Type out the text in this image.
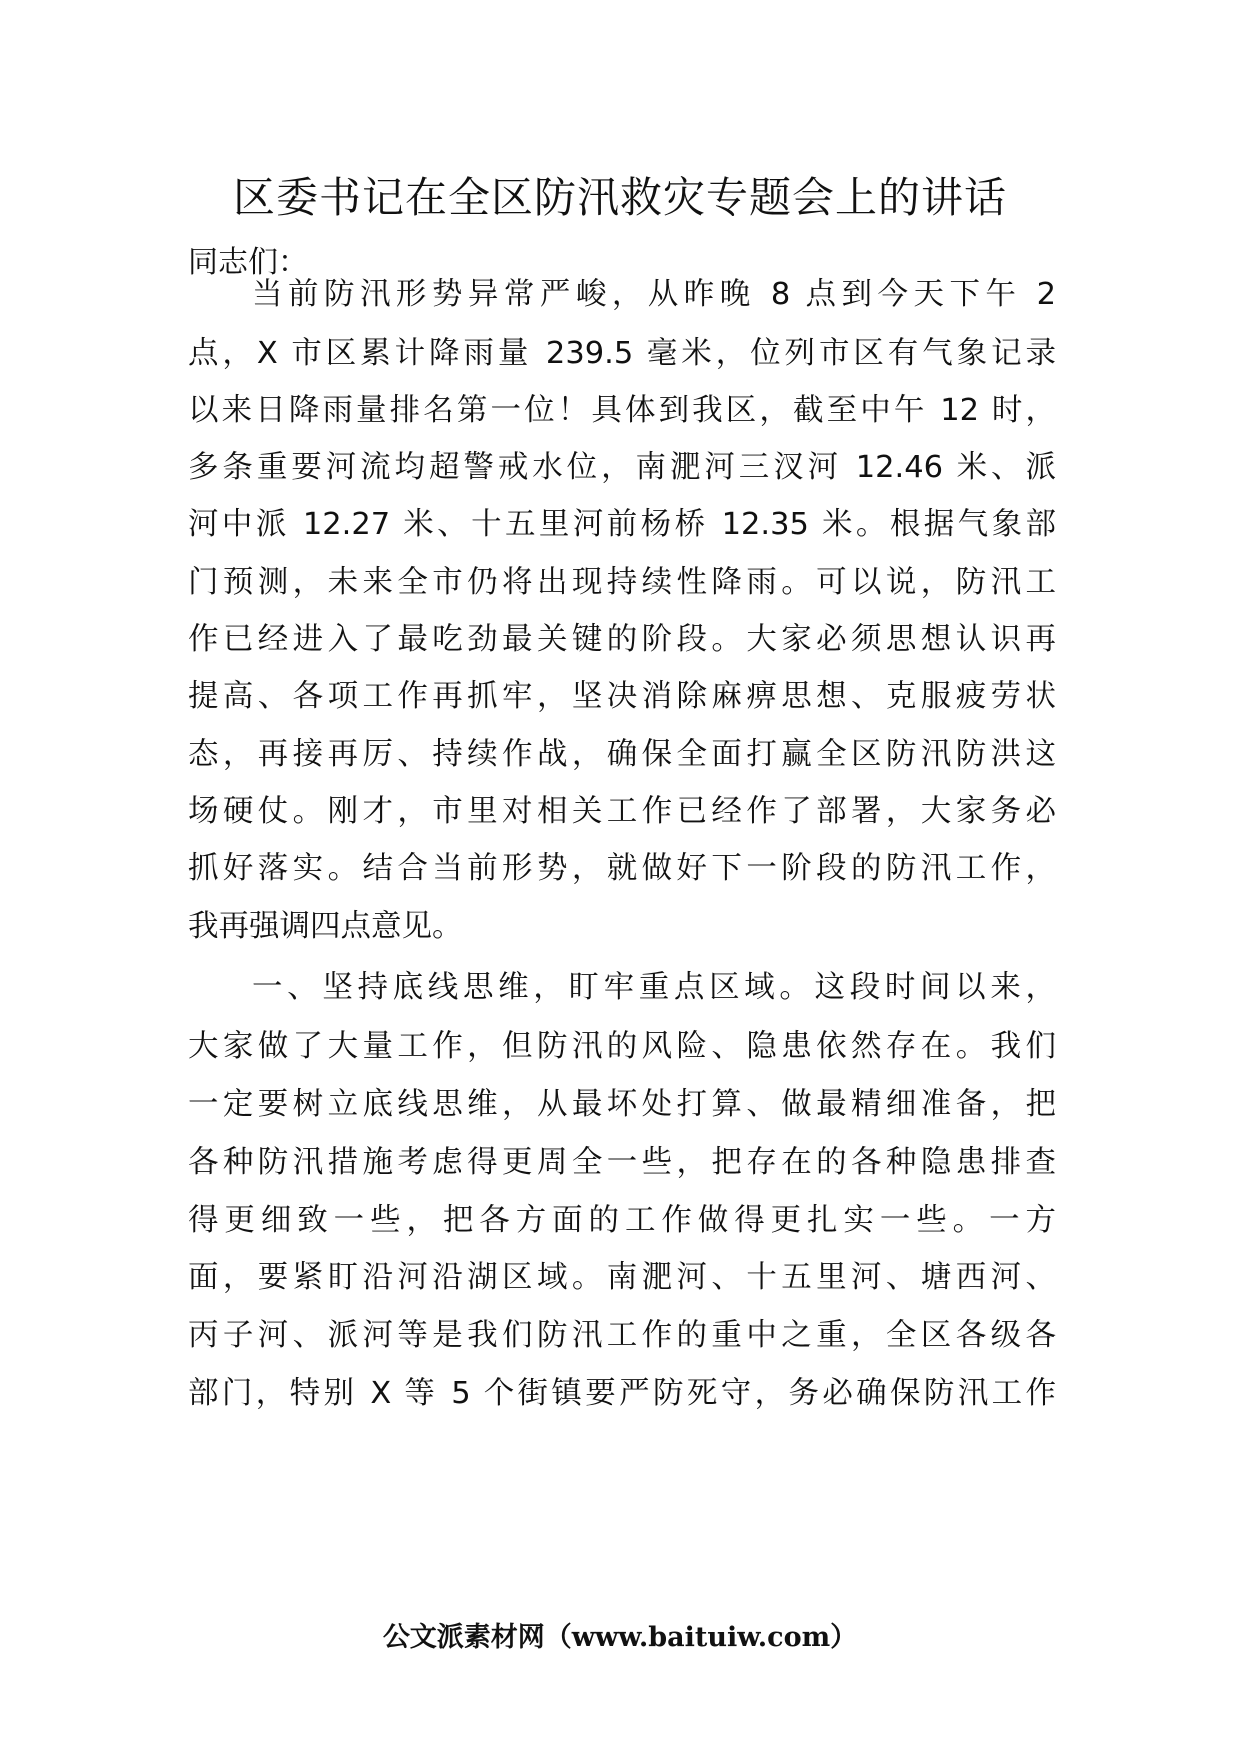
区委书记在全区防汛救灾专题会上的讲话
同志们：
当前防汛形势异常严峻，从昨晚 8 点到今天下午 2
点，X 市区累计降雨量 239.5 毫米，位列市区有气象记录
以来日降雨量排名第一位！具体到我区，截至中午 12 时，
多条重要河流均超警戒水位，南淝河三汊河 12.46 米、派
河中派 12.27 米、十五里河前杨桥 12.35 米。根据气象部
门预测，未来全市仍将出现持续性降雨。可以说，防汛工
作已经进入了最吃劲最关键的阶段。大家必须思想认识再
提高、各项工作再抓牢，坚决消除麻痹思想、克服疲劳状
态，再接再厉、持续作战，确保全面打赢全区防汛防洪这
场硬仗。刚才，市里对相关工作已经作了部署，大家务必
抓好落实。结合当前形势，就做好下一阶段的防汛工作，
我再强调四点意见。
一、坚持底线思维，盯牢重点区域。这段时间以来，
大家做了大量工作，但防汛的风险、隐患依然存在。我们
一定要树立底线思维，从最坏处打算、做最精细准备，把
各种防汛措施考虑得更周全一些，把存在的各种隐患排查
得更细致一些，把各方面的工作做得更扎实一些。一方
面，要紧盯沿河沿湖区域。南淝河、十五里河、塘西河、
丙子河、派河等是我们防汛工作的重中之重，全区各级各
部门，特别 X 等 5 个街镇要严防死守，务必确保防汛工作
公文派素材网（www.baituiw.com）
